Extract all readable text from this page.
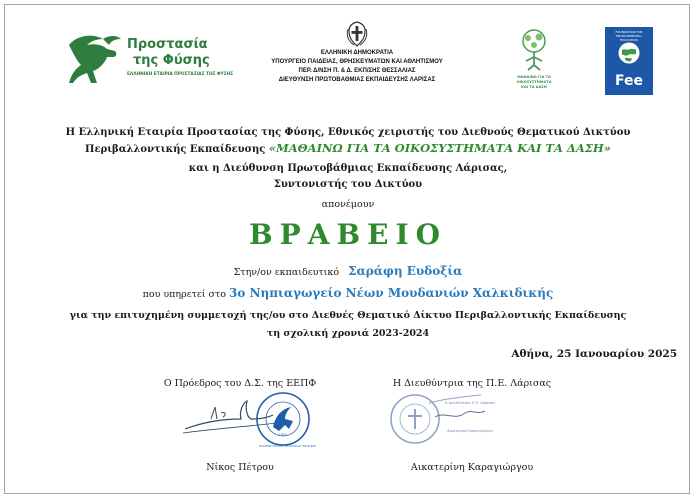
Προστασία
της Φύσης
ΕΛΛΗΝΙΚΗ ΕΤΑΙΡΙΑ ΠΡΟΣΤΑΣΙΑΣ ΤΗΣ ΦΥΣΗΣ
ΕΛΛΗΝΙΚΗ ΔΗΜΟΚΡΑΤΙΑ
ΥΠΟΥΡΓΕΙΟ ΠΑΙΔΕΙΑΣ, ΘΡΗΣΚΕΥΜΑΤΩΝ ΚΑΙ ΑΘΛΗΤΙΣΜΟΥ
ΠΕΡ. Δ/ΝΣΗ Π. & Δ. ΕΚΠ/ΣΗΣ ΘΕΣΣΑΛΙΑΣ
ΔΙΕΥΘΥΝΣΗ ΠΡΩΤΟΒΑΘΜΙΑΣ ΕΚΠΑΙΔΕΥΣΗΣ ΛΑΡΙΣΑΣ	ΜΑΘΑΙΝΩ ΓΙΑ ΤΑ
ΟΙΚΟΣΥΣΤΗΜΑΤΑ
ΚΑΙ ΤΑ ΔΑΣΗ
FOUNDATION FOR
ENVIRONMENTAL
EDUCATION
Fee
Η Ελληνική Εταιρία Προστασίας της Φύσης, Εθνικός χειριστής του Διεθνούς Θεματικού Δικτύου
Περιβαλλοντικής Εκπαίδευσης «ΜΑΘΑΙΝΩ ΓΙΑ ΤΑ ΟΙΚΟΣΥΣΤΗΜΑΤΑ ΚΑΙ ΤΑ ΔΑΣΗ»
και η Διεύθυνση Πρωτοβάθμιας Εκπαίδευσης Λάρισας,
Συντονιστής του Δικτύου
απονέμουν
ΒΡΑΒΕΙΟ
Στην/ον εκπαιδευτικό Σαράφη Ευδοξία
που υπηρετεί στο 3ο Νηπιαγωγείο Νέων Μουδανιών Χαλκιδικής
για την επιτυχημένη συμμετοχή της/ου στο Διεθνές Θεματικό Δίκτυο Περιβαλλοντικής Εκπαίδευσης
τη σχολική χρονιά 2023-2024
Αθήνα, 25 Ιανουαρίου 2025
Ο Πρόεδρος του Δ.Σ. της ΕΕΠΦ	Η Διευθύντρια της Π.Ε. Λάρισας
ΕΛΛΗΝΙΚΗ ΕΤΑΙΡΙΑ ΠΡΟΣΤΑΣΙΑΣ ΤΗΣ ΦΥΣΗΣ
1951
Η Διευθύντρια Π.Ε. Λάρισας
Αικατερίνη Καραγιώργου
Νίκος Πέτρου	Αικατερίνη Καραγιώργου
